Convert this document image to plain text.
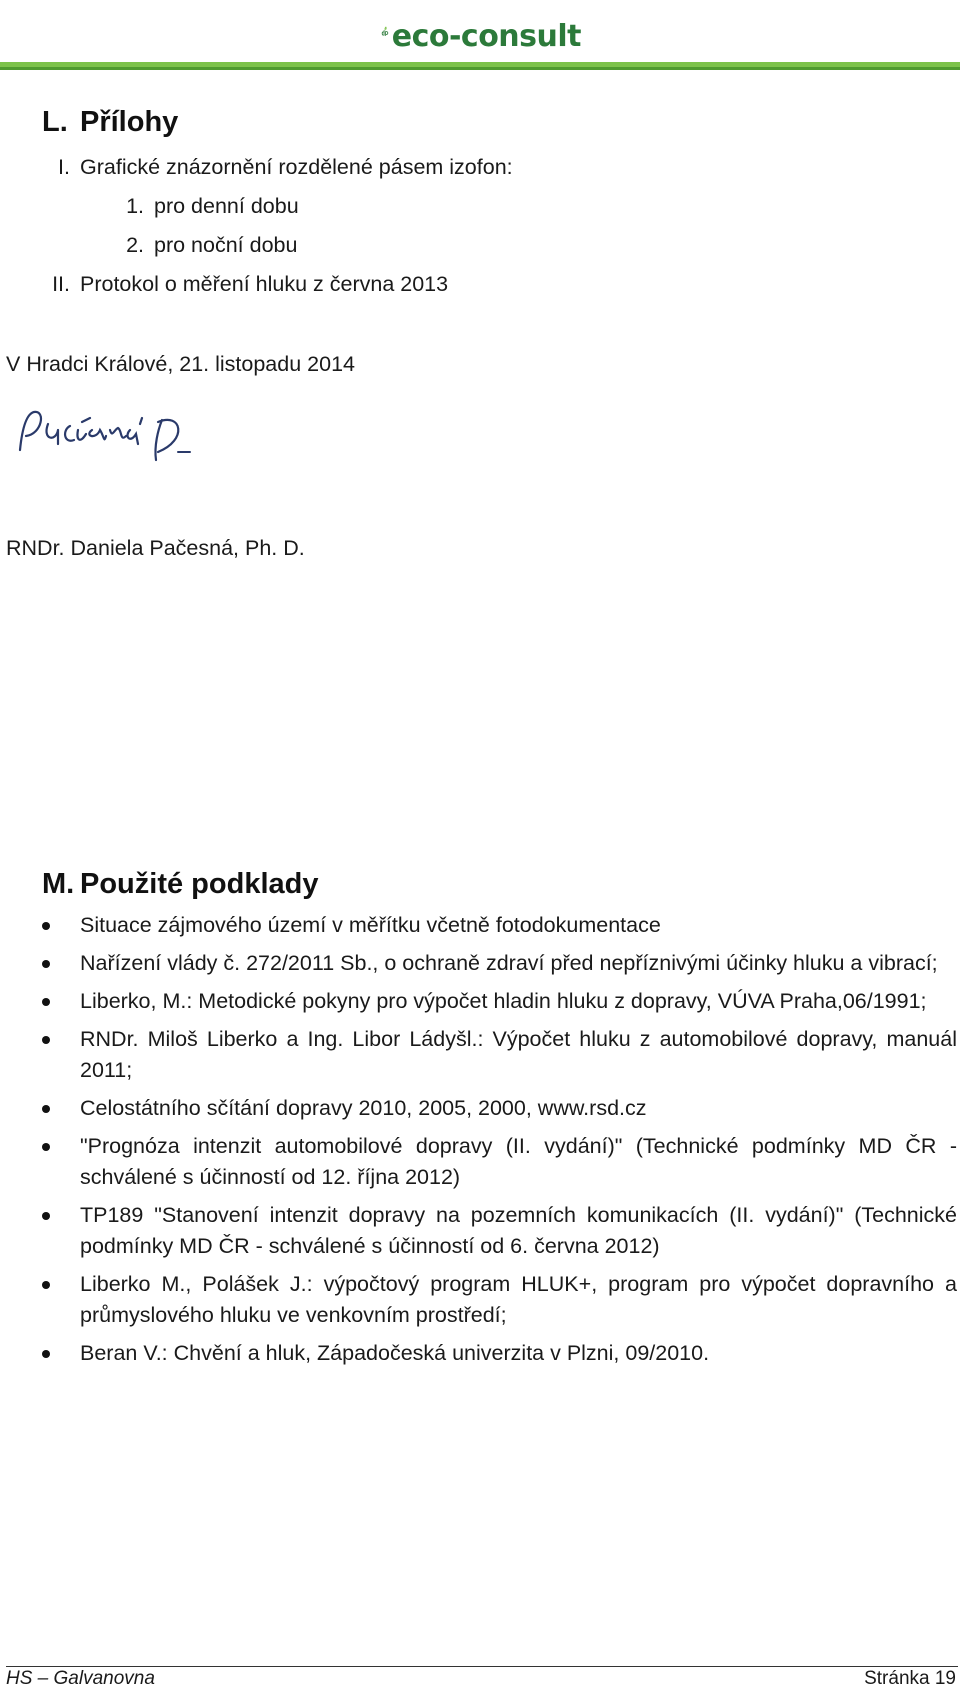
eco-consult
L. Přílohy
I. Grafické znázornění rozdělené pásem izofon:
1. pro denní dobu
2. pro noční dobu
II. Protokol o měření hluku z června 2013
V Hradci Králové, 21. listopadu 2014
RNDr. Daniela Pačesná, Ph. D.
M. Použité podklady
Situace zájmového území v měřítku včetně fotodokumentace
Nařízení vlády č. 272/2011 Sb., o ochraně zdraví před nepříznivými účinky hluku a vibrací;
Liberko, M.: Metodické pokyny pro výpočet hladin hluku z dopravy, VÚVA Praha,06/1991;
RNDr. Miloš Liberko a Ing. Libor Ládyšl.: Výpočet hluku z automobilové dopravy, manuál 2011;
Celostátního sčítání dopravy 2010, 2005, 2000, www.rsd.cz
"Prognóza intenzit automobilové dopravy (II. vydání)" (Technické podmínky MD ČR - schválené s účinností od 12. října 2012)
TP189 "Stanovení intenzit dopravy na pozemních komunikacích (II. vydání)" (Technické podmínky MD ČR - schválené s účinností od 6. června 2012)
Liberko M., Polášek J.: výpočtový program HLUK+, program pro výpočet dopravního a průmyslového hluku ve venkovním prostředí;
Beran V.: Chvění a hluk, Západočeská univerzita v Plzni, 09/2010.
HS – Galvanovna	Stránka 19
